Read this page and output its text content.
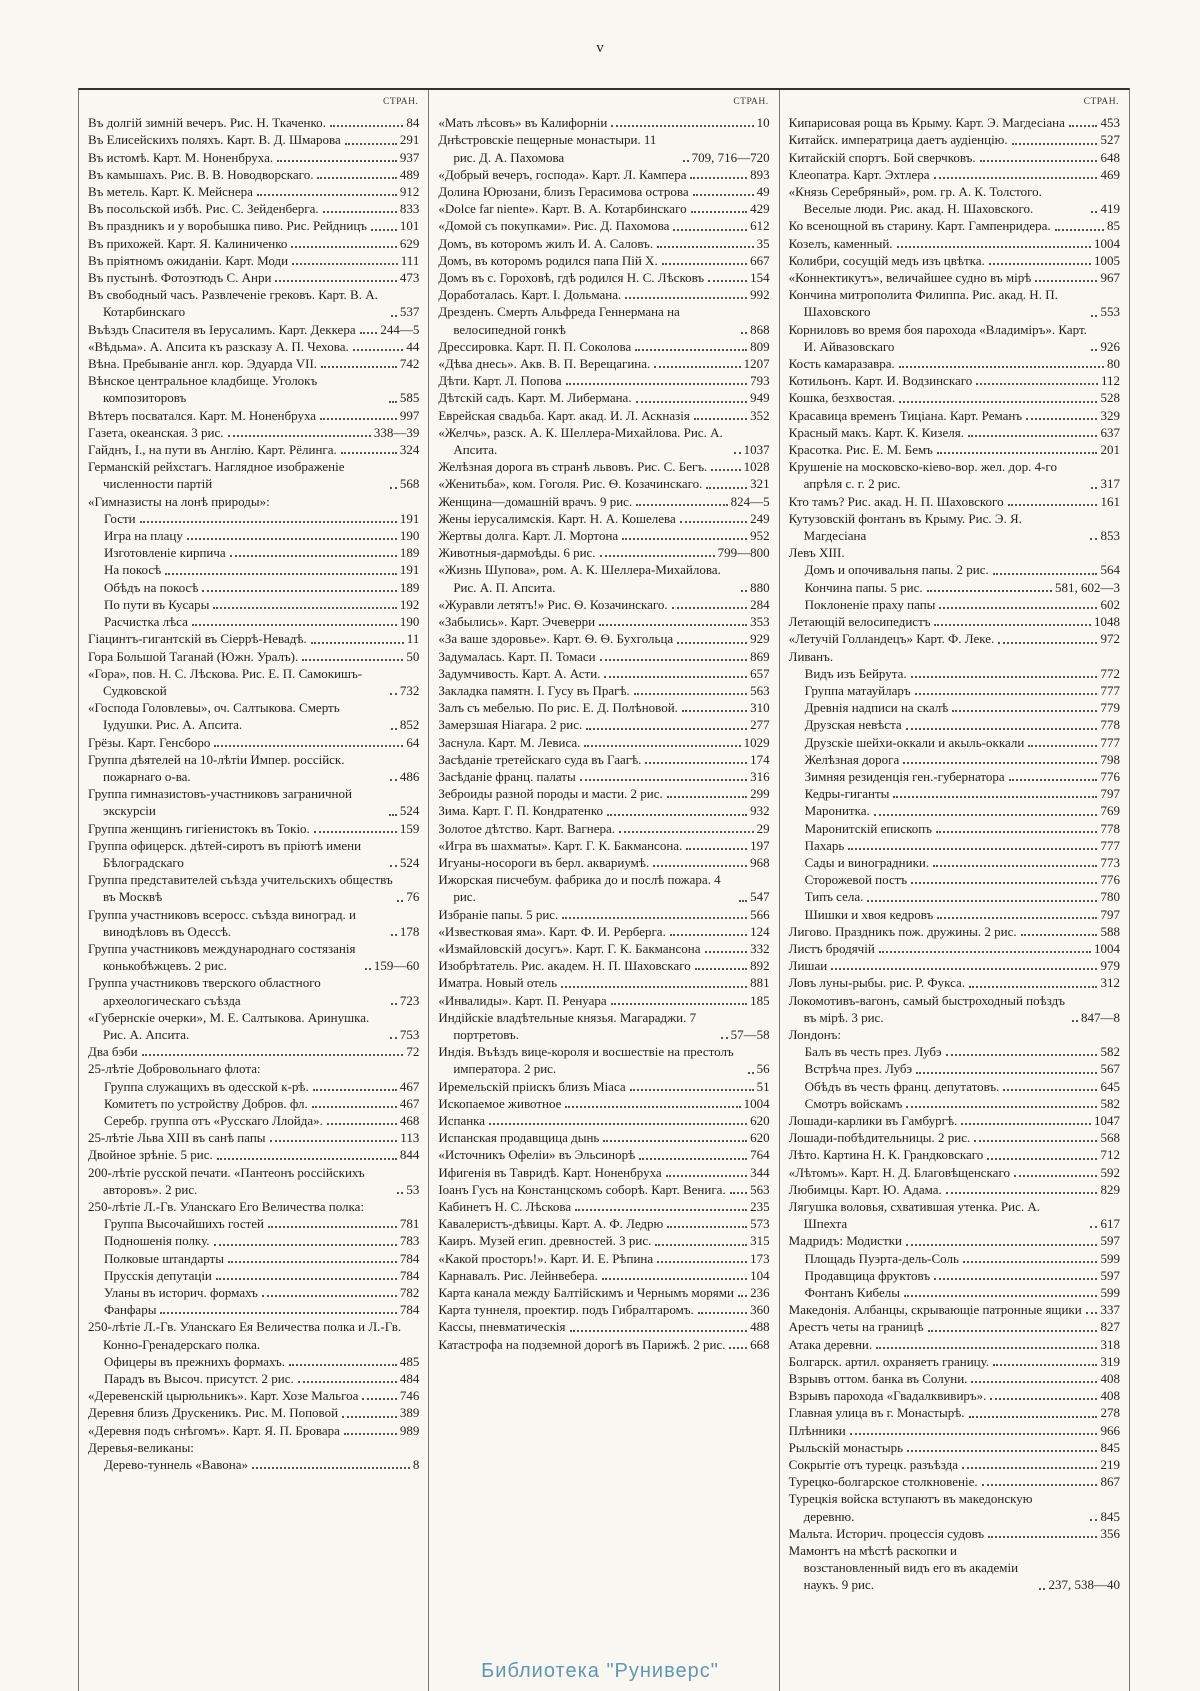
v
СТРАН.
Въ долгій зимній вечеръ. Рис. Н. Ткаченко.	84
Въ Елисейскихъ поляхъ. Карт. В. Д. Шмарова	291
Въ истомѣ. Карт. М. Ноненбруха.	937
Въ камышахъ. Рис. В. В. Новодворскаго.	489
Въ метель. Карт. К. Мейснера	912
Въ посольской избѣ. Рис. С. Зейденберга.	833
Въ праздникъ и у воробышка пиво. Рис. Рейдницъ	101
Въ прихожей. Карт. Я. Калиниченко	629
Въ пріятномъ ожиданіи. Карт. Моди	111
Въ пустынѣ. Фотоэтюдъ С. Анри	473
Въ свободный часъ. Развлеченіе грековъ. Карт. В. А. Котарбинскаго	537
Въѣздъ Спасителя въ Іерусалимъ. Карт. Деккера 244—5
«Вѣдьма». А. Апсита къ разсказу А. П. Чехова.	44
Вѣна. Пребываніе англ. кор. Эдуарда VII.	742
Вѣнское центральное кладбище. Уголокъ композиторовъ	585
Вѣтеръ посватался. Карт. М. Ноненбруха	997
Газета, океанская. 3 рис.	338—39
Гайднъ, І., на пути въ Англію. Карт. Рёлинга.	324
Германскій рейхстагъ. Наглядное изображеніе численности партій	568
«Гимназисты на лонѣ природы»:
Гости	191
Игра на плацу	190
Изготовленіе кирпича	189
На покосѣ	191
Обѣдъ на покосѣ	189
По пути въ Кусары	192
Расчистка лѣса	190
Гіацинтъ-гигантскій въ Сіеррѣ-Невадѣ.	11
Гора Большой Таганай (Южн. Уралъ).	50
«Гора», пов. Н. С. Лѣскова. Рис. Е. П. Самокишъ-Судковской	732
«Господа Головлевы», оч. Салтыкова. Смерть Іудушки. Рис. А. Апсита.	852
Грёзы. Карт. Генсборо	64
Группа дѣятелей на 10-лѣтіи Импер. россійск. пожарнаго о-ва.	486
Группа гимназистовъ-участниковъ заграничной экскурсіи	524
Группа женщинъ гигіенистокъ въ Токіо.	159
Группа офицерск. дѣтей-сиротъ въ пріютѣ имени Бѣлоградскаго	524
Группа представителей съѣзда учительскихъ обществъ въ Москвѣ	76
Группа участниковъ всеросс. съѣзда виноград. и винодѣловъ въ Одессѣ.	178
Группа участниковъ международнаго состязанія конькобѣжцевъ. 2 рис.	159—60
Группа участниковъ тверского областного археологическаго съѣзда	723
«Губернскіе очерки», М. Е. Салтыкова. Аринушка. Рис. А. Апсита.	753
Два бэби	72
25-лѣтіе Добровольнаго флота:
Группа служащихъ въ одесской к-рѣ.	467
Комитетъ по устройству Добров. фл.	467
Серебр. группа отъ «Русскаго Ллойда».	468
25-лѣтіе Льва XIII въ санѣ папы	113
Двойное зрѣніе. 5 рис.	844
200-лѣтіе русской печати. «Пантеонъ россійскихъ авторовъ». 2 рис.	53
250-лѣтіе Л.-Гв. Уланскаго Его Величества полка:
Группа Высочайшихъ гостей	781
Подношенія полку.	783
Полковые штандарты	784
Прусскія депутаціи	784
Уланы въ историч. формахъ	782
Фанфары	784
250-лѣтіе Л.-Гв. Уланскаго Ея Величества полка и Л.-Гв. Конно-Гренадерскаго полка.
Офицеры въ прежнихъ формахъ.	485
Парадъ въ Высоч. присутст. 2 рис.	484
«Деревенскій цырюльникъ». Карт. Хозе Мальгоа	746
Деревня близъ Друскеникъ. Рис. М. Поповой	389
«Деревня подъ снѣгомъ». Карт. Я. П. Бровара	989
Деревья-великаны:
Дерево-туннель «Вавона»	8
СТРАН.
«Мать лѣсовъ» въ Калифорніи	10
Днѣстровскіе пещерные монастыри. 11 рис. Д. А. Пахомова	709, 716—720
«Добрый вечеръ, господа». Карт. Л. Кампера	893
Долина Юрюзани, близъ Герасимова острова	49
«Dolce far niente». Карт. В. А. Котарбинскаго	429
«Домой съ покупками». Рис. Д. Пахомова	612
Домъ, въ которомъ жилъ И. А. Саловъ.	35
Домъ, въ которомъ родился папа Пій X.	667
Домъ въ с. Гороховѣ, гдѣ родился Н. С. Лѣсковъ	154
Доработалась. Карт. І. Дольмана.	992
Дрезденъ. Смерть Альфреда Геннермана на велосипедной гонкѣ	868
Дрессировка. Карт. П. П. Соколова	809
«Дѣва днесь». Акв. В. П. Верещагина.	1207
Дѣти. Карт. Л. Попова	793
Дѣтскій садъ. Карт. М. Либермана.	949
Еврейская свадьба. Карт. акад. И. Л. Аскназія	352
«Желчь», разск. А. К. Шеллера-Михайлова. Рис. А. Апсита.	1037
Желѣзная дорога въ странѣ львовъ. Рис. С. Бегъ.	1028
«Женитьба», ком. Гоголя. Рис. Ѳ. Козачинскаго.	321
Женщина—домашній врачъ. 9 рис.	824—5
Жены іерусалимскія. Карт. Н. А. Кошелева	249
Жертвы долга. Карт. Л. Мортона	952
Животныя-дармоѣды. 6 рис.	799—800
«Жизнь Шупова», ром. А. К. Шеллера-Михайлова. Рис. А. П. Апсита.	880
«Журавли летятъ!» Рис. Ѳ. Козачинскаго.	284
«Забылись». Карт. Эчеверри	353
«За ваше здоровье». Карт. Ѳ. Ѳ. Бухгольца	929
Задумалась. Карт. П. Томаси	869
Задумчивость. Карт. А. Асти.	657
Закладка памятн. І. Гусу въ Прагѣ.	563
Залъ съ мебелью. По рис. Е. Д. Полѣновой.	310
Замерзшая Ніагара. 2 рис.	277
Заснула. Карт. М. Левиса.	1029
Засѣданіе третейскаго суда въ Гаагѣ.	174
Засѣданіе франц. палаты	316
Зеброиды разной породы и масти. 2 рис.	299
Зима. Карт. Г. П. Кондратенко	932
Золотое дѣтство. Карт. Вагнера.	29
«Игра въ шахматы». Карт. Г. К. Бакмансона.	197
Игуаны-носороги въ берл. аквариумѣ.	968
Ижорская писчебум. фабрика до и послѣ пожара. 4 рис.	547
Избраніе папы. 5 рис.	566
«Известковая яма». Карт. Ф. И. Рерберга.	124
«Измайловскій досугъ». Карт. Г. К. Бакмансона	332
Изобрѣтатель. Рис. академ. Н. П. Шаховскаго	892
Иматра. Новый отель	881
«Инвалиды». Карт. П. Ренуара	185
Индійскіе владѣтельные князья. Магараджи. 7 портретовъ.	57—58
Индія. Въѣздъ вице-короля и восшествіе на престолъ императора. 2 рис.	56
Иремельскій пріискъ близъ Міаса	51
Ископаемое животное	1004
Испанка	620
Испанская продавщица дынь	620
«Источникъ Офеліи» въ Эльсинорѣ	764
Ифигенія въ Тавридѣ. Карт. Ноненбруха	344
Іоанъ Гусъ на Констанцскомъ соборѣ. Карт. Венига. 563
Кабинетъ Н. С. Лѣскова	235
Кавалеристъ-дѣвицы. Карт. А. Ф. Ледрю	573
Каиръ. Музей егип. древностей. 3 рис.	315
«Какой просторъ!». Карт. И. Е. Рѣпина	173
Карнавалъ. Рис. Лейнвебера.	104
Карта канала между Балтійскимъ и Чернымъ морями 236
Карта туннеля, проектир. подъ Гибралтаромъ.	360
Кассы, пневматическія	488
Катастрофа на подземной дорогѣ въ Парижѣ. 2 рис. 668
СТРАН.
Кипарисовая роща въ Крыму. Карт. Э. Магдесіана	453
Китайск. императрица даетъ аудіенцію.	527
Китайскій спортъ. Бой сверчковъ.	648
Клеопатра. Карт. Эхтлера	469
«Князь Серебряный», ром. гр. А. К. Толстого. Веселые люди. Рис. акад. Н. Шаховского.	419
Ко всенощной въ старину. Карт. Гампенридера.	85
Козелъ, каменный.	1004
Колибри, сосущій медъ изъ цвѣтка.	1005
«Коннектикутъ», величайшее судно въ мірѣ	967
Кончина митрополита Филиппа. Рис. акад. Н. П. Шаховского	553
Корниловъ во время боя парохода «Владиміръ». Карт. И. Айвазовскаго	926
Кость камаразавра.	80
Котильонъ. Карт. И. Водзинскаго	112
Кошка, безхвостая.	528
Красавица временъ Тиціана. Карт. Реманъ	329
Красный макъ. Карт. К. Кизеля.	637
Красотка. Рис. Е. М. Бемъ	201
Крушеніе на московско-кіево-вор. жел. дор. 4-го апрѣля с. г. 2 рис.	317
Кто тамъ? Рис. акад. Н. П. Шаховского	161
Кутузовскій фонтанъ въ Крыму. Рис. Э. Я. Магдесіана	853
Левъ XIII.
Домъ и опочивальня папы. 2 рис.	564
Кончина папы. 5 рис.	581, 602—3
Поклоненіе праху папы	602
Летающій велосипедистъ	1048
«Летучій Голландецъ» Карт. Ф. Леке.	972
Ливанъ.
Видъ изъ Бейрута.	772
Группа матауйларъ	777
Древнія надписи на скалѣ	779
Друзская невѣста	778
Друзскіе шейхи-оккали и акыль-оккали	777
Желѣзная дорога	798
Зимняя резиденція ген.-губернатора	776
Кедры-гиганты	797
Маронитка.	769
Маронитскій епископъ	778
Пахарь	777
Сады и виноградники.	773
Сторожевой постъ	776
Типъ села.	780
Шишки и хвоя кедровъ	797
Лигово. Праздникъ пож. дружины. 2 рис.	588
Листъ бродячій	1004
Лишаи	979
Ловъ луны-рыбы. рис. Р. Фукса.	312
Локомотивъ-вагонъ, самый быстроходный поѣздъ въ мірѣ. 3 рис.	847—8
Лондонъ:
Балъ въ честь през. Лубэ	582
Встрѣча през. Лубэ	567
Обѣдъ въ честь франц. депутатовъ.	645
Смотръ войскамъ	582
Лошади-карлики въ Гамбургѣ.	1047
Лошади-побѣдительницы. 2 рис.	568
Лѣто. Картина Н. К. Грандковскаго	712
«Лѣтомъ». Карт. Н. Д. Благовѣщенскаго	592
Любимцы. Карт. Ю. Адама.	829
Лягушка воловья, схватившая утенка. Рис. А. Шпехта	617
Мадридъ: Модистки	597
Площадь Пуэрта-дель-Соль	599
Продавщица фруктовъ	597
Фонтанъ Кибелы	599
Македонія. Албанцы, скрывающіе патронные ящики 337
Арестъ четы на границѣ	827
Атака деревни.	318
Болгарск. артил. охраняетъ границу.	319
Взрывъ оттом. банка въ Солуни.	408
Взрывъ парохода «Гвадалквивиръ».	408
Главная улица въ г. Монастырѣ.	278
Плѣнники	966
Рыльскій монастырь	845
Сокрытіе отъ турецк. разъѣзда	219
Турецко-болгарское столкновеніе.	867
Турецкія войска вступаютъ въ македонскую деревню.	845
Мальта. Историч. процессія судовъ	356
Мамонтъ на мѣстѣ раскопки и возстановленный видъ его въ академіи наукъ. 9 рис.	237, 538—40
Библиотека "Руниверс"
